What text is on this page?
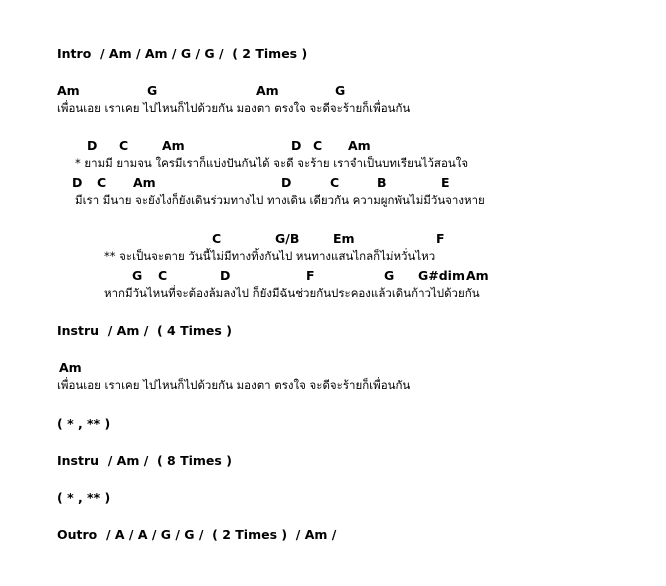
Intro  / Am / Am / G / G /  ( 2 Times )
Am	G	Am	G
เพื่อนเอย เราเคย ไปไหนก็ไปด้วยกัน มองตา ตรงใจ จะดีจะร้ายก็เพื่อนกัน
D C	Am	D C Am
* ยามมี ยามจน ใครมีเราก็แบ่งปันกันได้ จะดี จะร้าย เราจำเป็นบทเรียนไว้สอนใจ
D C Am	D	C	B	E
มีเรา มีนาย จะยังไงก็ยังเดินร่วมทางไป ทางเดิน เดียวกัน ความผูกพันไม่มีวันจางหาย
C	G/B	Em	F
** จะเป็นจะตาย วันนี้ไม่มีทางทิ้งกันไป หนทางแสนไกลก็ไม่หวั่นไหว
G C	D	F	G G#dim Am
หากมีวันไหนที่จะต้องล้มลงไป ก็ยังมีฉันช่วยกันประคองแล้วเดินก้าวไปด้วยกัน
Instru  / Am /  ( 4 Times )
Am
เพื่อนเอย เราเคย ไปไหนก็ไปด้วยกัน มองตา ตรงใจ จะดีจะร้ายก็เพื่อนกัน
( * , ** )
Instru  / Am /  ( 8 Times )
( * , ** )
Outro  / A / A / G / G /  ( 2 Times )  / Am /
